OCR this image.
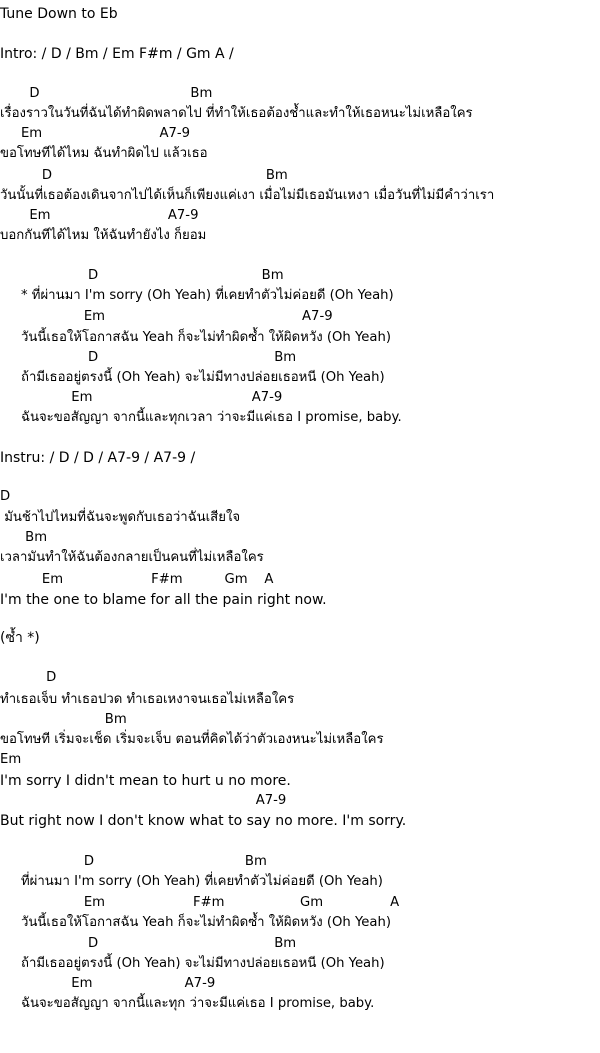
Tune Down to Eb
Intro: / D / Bm / Em F#m / Gm A /
D                                    Bm
เรื่องราวในวันที่ฉันได้ทำผิดพลาดไป ที่ทำให้เธอต้องช้ำและทำให้เธอหนะไม่เหลือใคร
Em                            A7-9
ขอโทษทีได้ไหม ฉันทำผิดไป แล้วเธอ
D                                                   Bm
วันนั้นที่เธอต้องเดินจากไปได้เห็นก็เพียงแค่เงา เมื่อไม่มีเธอมันเหงา เมื่อวันที่ไม่มีคำว่าเรา
Em                            A7-9
บอกกันทีได้ไหม ให้ฉันทำยังไง ก็ยอม
D                                       Bm
* ที่ผ่านมา I'm sorry (Oh Yeah) ที่เคยทำตัวไม่ค่อยดี (Oh Yeah)
Em                                               A7-9
วันนี้เธอให้โอกาสฉัน Yeah ก็จะไม่ทำผิดซ้ำ ให้ผิดหวัง (Oh Yeah)
D                                          Bm
ถ้ามีเธออยู่ตรงนี้ (Oh Yeah) จะไม่มีทางปล่อยเธอหนี (Oh Yeah)
Em                                      A7-9
ฉันจะขอสัญญา จากนี้และทุกเวลา ว่าจะมีแค่เธอ I promise, baby.
Instru: / D / D / A7-9 / A7-9 /
D
มันช้าไปไหมที่ฉันจะพูดกับเธอว่าฉันเสียใจ
Bm
เวลามันทำให้ฉันต้องกลายเป็นคนที่ไม่เหลือใคร
Em                     F#m          Gm    A
I'm the one to blame for all the pain right now.
(ซ้ำ *)
D
ทำเธอเจ็บ ทำเธอปวด ทำเธอเหงาจนเธอไม่เหลือใคร
Bm
ขอโทษที เริ่มจะเช็ด เริ่มจะเจ็บ ตอนที่คิดได้ว่าตัวเองหนะไม่เหลือใคร
Em
I'm sorry I didn't mean to hurt u no more.
A7-9
But right now I don't know what to say no more. I'm sorry.
D                                    Bm
ที่ผ่านมา I'm sorry (Oh Yeah) ที่เคยทำตัวไม่ค่อยดี (Oh Yeah)
Em                     F#m                  Gm                A
วันนี้เธอให้โอกาสฉัน Yeah ก็จะไม่ทำผิดซ้ำ ให้ผิดหวัง (Oh Yeah)
D                                          Bm
ถ้ามีเธออยู่ตรงนี้ (Oh Yeah) จะไม่มีทางปล่อยเธอหนี (Oh Yeah)
Em                      A7-9
ฉันจะขอสัญญา จากนี้และทุก ว่าจะมีแค่เธอ I promise, baby.
